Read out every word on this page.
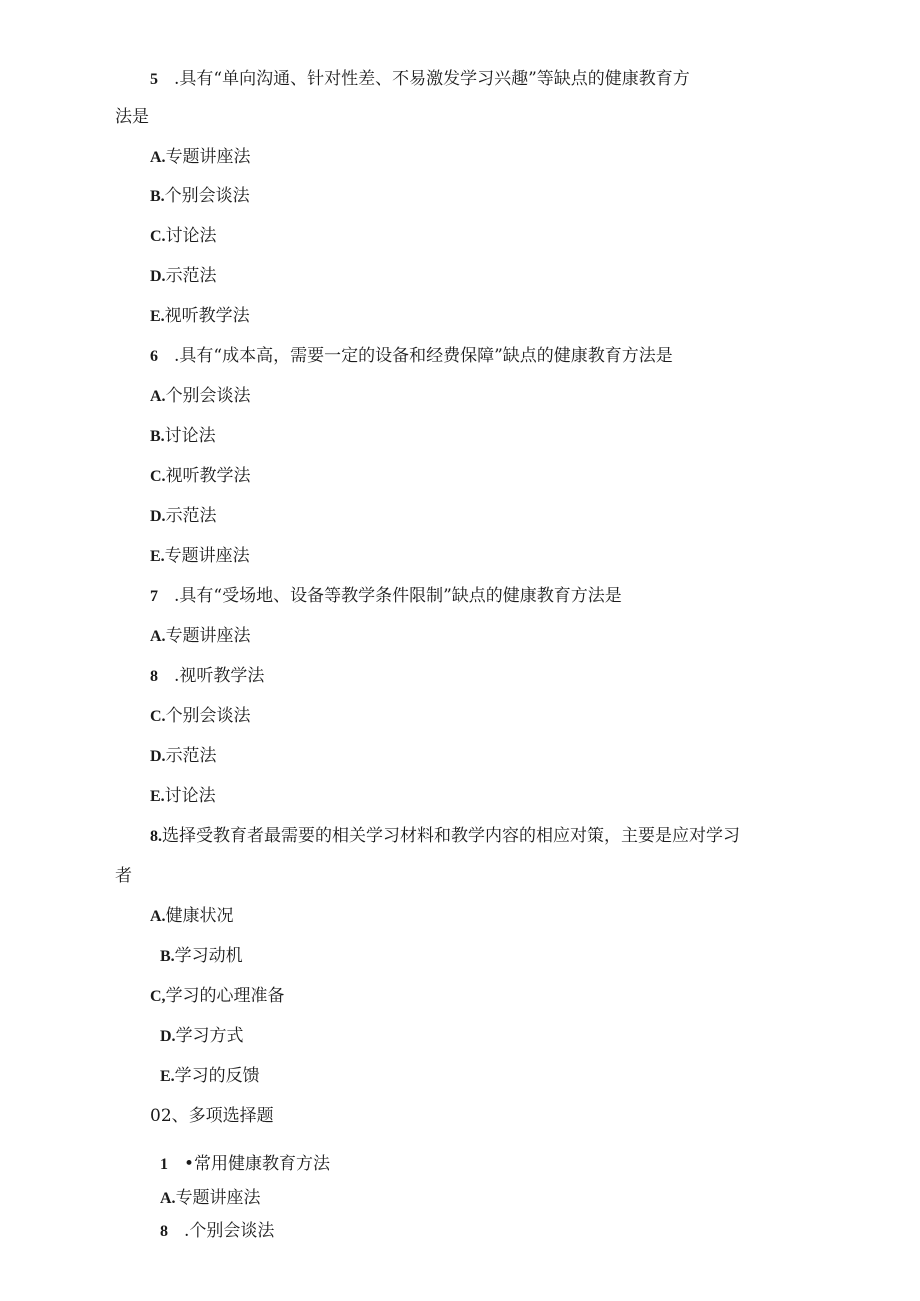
5 .具有“单向沟通、针对性差、不易激发学习兴趣”等缺点的健康教育方
法是
A.专题讲座法
B.个别会谈法
C.讨论法
D.示范法
E.视听教学法
6 .具有“成本高，需要一定的设备和经费保障”缺点的健康教育方法是
A.个别会谈法
B.讨论法
C.视听教学法
D.示范法
E.专题讲座法
7 .具有“受场地、设备等教学条件限制”缺点的健康教育方法是
A.专题讲座法
8 .视听教学法
C.个别会谈法
D.示范法
E.讨论法
8.选择受教育者最需要的相关学习材料和教学内容的相应对策，主要是应对学习
者
A.健康状况
B.学习动机
C,学习的心理准备
D.学习方式
E.学习的反馈
02、多项选择题
1 •常用健康教育方法
A.专题讲座法
8 .个别会谈法
